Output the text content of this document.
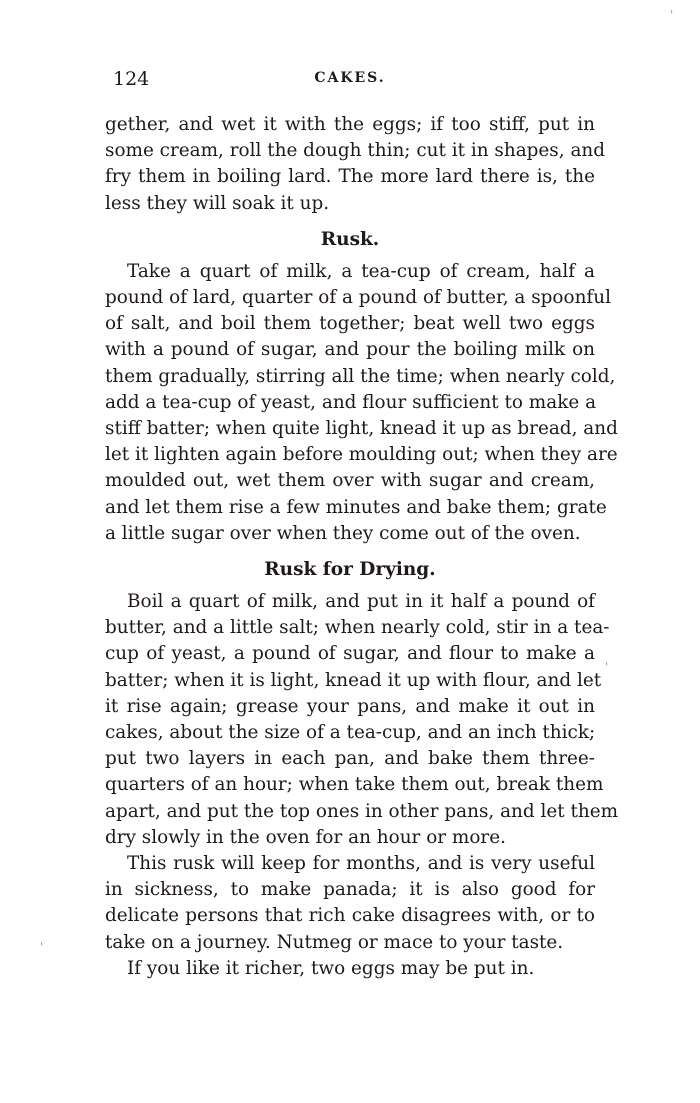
124	CAKES.

gether, and wet it with the eggs; if too stiff, put in
some cream, roll the dough thin; cut it in shapes, and
fry them in boiling lard. The more lard there is, the
less they will soak it up.

Rusk.

Take a quart of milk, a tea-cup of cream, half a
pound of lard, quarter of a pound of butter, a spoonful
of salt, and boil them together; beat well two eggs
with a pound of sugar, and pour the boiling milk on
them gradually, stirring all the time; when nearly cold,
add a tea-cup of yeast, and flour sufficient to make a
stiff batter; when quite light, knead it up as bread, and
let it lighten again before moulding out; when they are
moulded out, wet them over with sugar and cream,
and let them rise a few minutes and bake them; grate
a little sugar over when they come out of the oven.

Rusk for Drying.

Boil a quart of milk, and put in it half a pound of
butter, and a little salt; when nearly cold, stir in a tea-
cup of yeast, a pound of sugar, and flour to make a
batter; when it is light, knead it up with flour, and let
it rise again; grease your pans, and make it out in
cakes, about the size of a tea-cup, and an inch thick;
put two layers in each pan, and bake them three-
quarters of an hour; when take them out, break them
apart, and put the top ones in other pans, and let them
dry slowly in the oven for an hour or more.

This rusk will keep for months, and is very useful
in sickness, to make panada; it is also good for
delicate persons that rich cake disagrees with, or to
take on a journey. Nutmeg or mace to your taste.

If you like it richer, two eggs may be put in.

'
'
'
